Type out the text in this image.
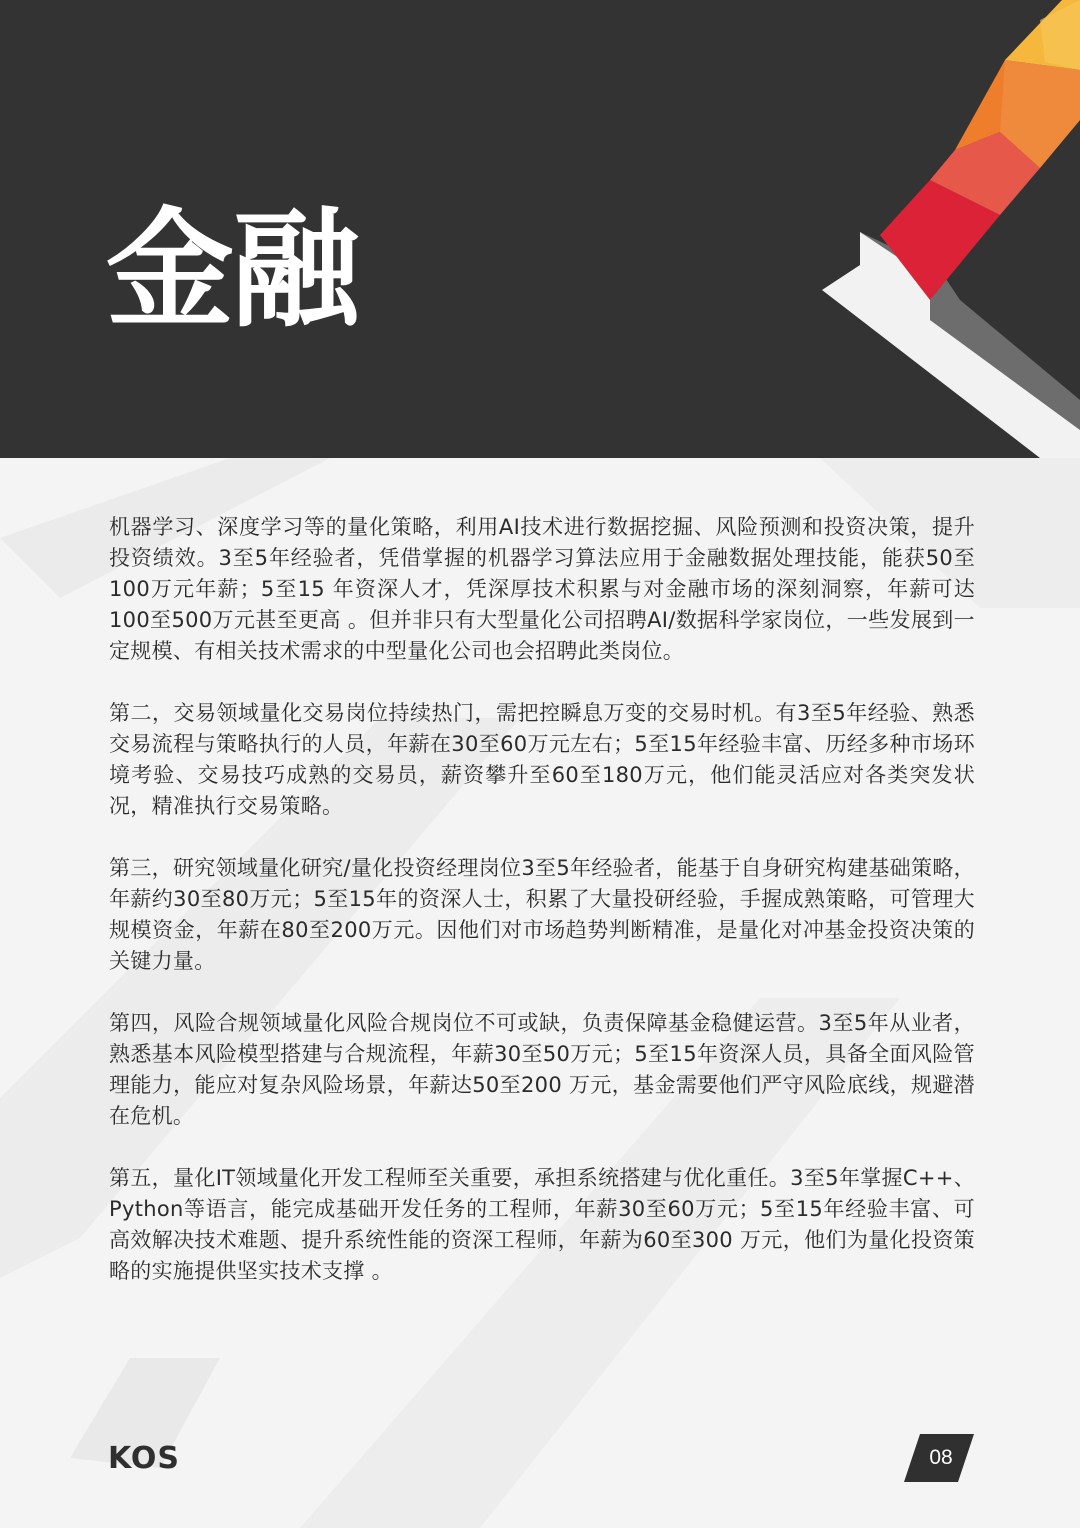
金融

机器学习、深度学习等的量化策略，利用AI技术进行数据挖掘、风险预测和投资决策，提升投资绩效。3至5年经验者，凭借掌握的机器学习算法应用于金融数据处理技能，能获50至100万元年薪；5至15 年资深人才，凭深厚技术积累与对金融市场的深刻洞察，年薪可达100至500万元甚至更高 。但并非只有大型量化公司招聘AI/数据科学家岗位，一些发展到一定规模、有相关技术需求的中型量化公司也会招聘此类岗位。

第二，交易领域量化交易岗位持续热门，需把控瞬息万变的交易时机。有3至5年经验、熟悉交易流程与策略执行的人员，年薪在30至60万元左右；5至15年经验丰富、历经多种市场环境考验、交易技巧成熟的交易员，薪资攀升至60至180万元，他们能灵活应对各类突发状况，精准执行交易策略。

第三，研究领域量化研究/量化投资经理岗位3至5年经验者，能基于自身研究构建基础策略，年薪约30至80万元；5至15年的资深人士，积累了大量投研经验，手握成熟策略，可管理大规模资金，年薪在80至200万元。因他们对市场趋势判断精准，是量化对冲基金投资决策的关键力量。

第四，风险合规领域量化风险合规岗位不可或缺，负责保障基金稳健运营。3至5年从业者，熟悉基本风险模型搭建与合规流程，年薪30至50万元；5至15年资深人员，具备全面风险管理能力，能应对复杂风险场景，年薪达50至200 万元，基金需要他们严守风险底线，规避潜在危机。

第五，量化IT领域量化开发工程师至关重要，承担系统搭建与优化重任。3至5年掌握C++、Python等语言，能完成基础开发任务的工程师，年薪30至60万元；5至15年经验丰富、可高效解决技术难题、提升系统性能的资深工程师，年薪为60至300 万元，他们为量化投资策略的实施提供坚实技术支撑 。

KOS	08
